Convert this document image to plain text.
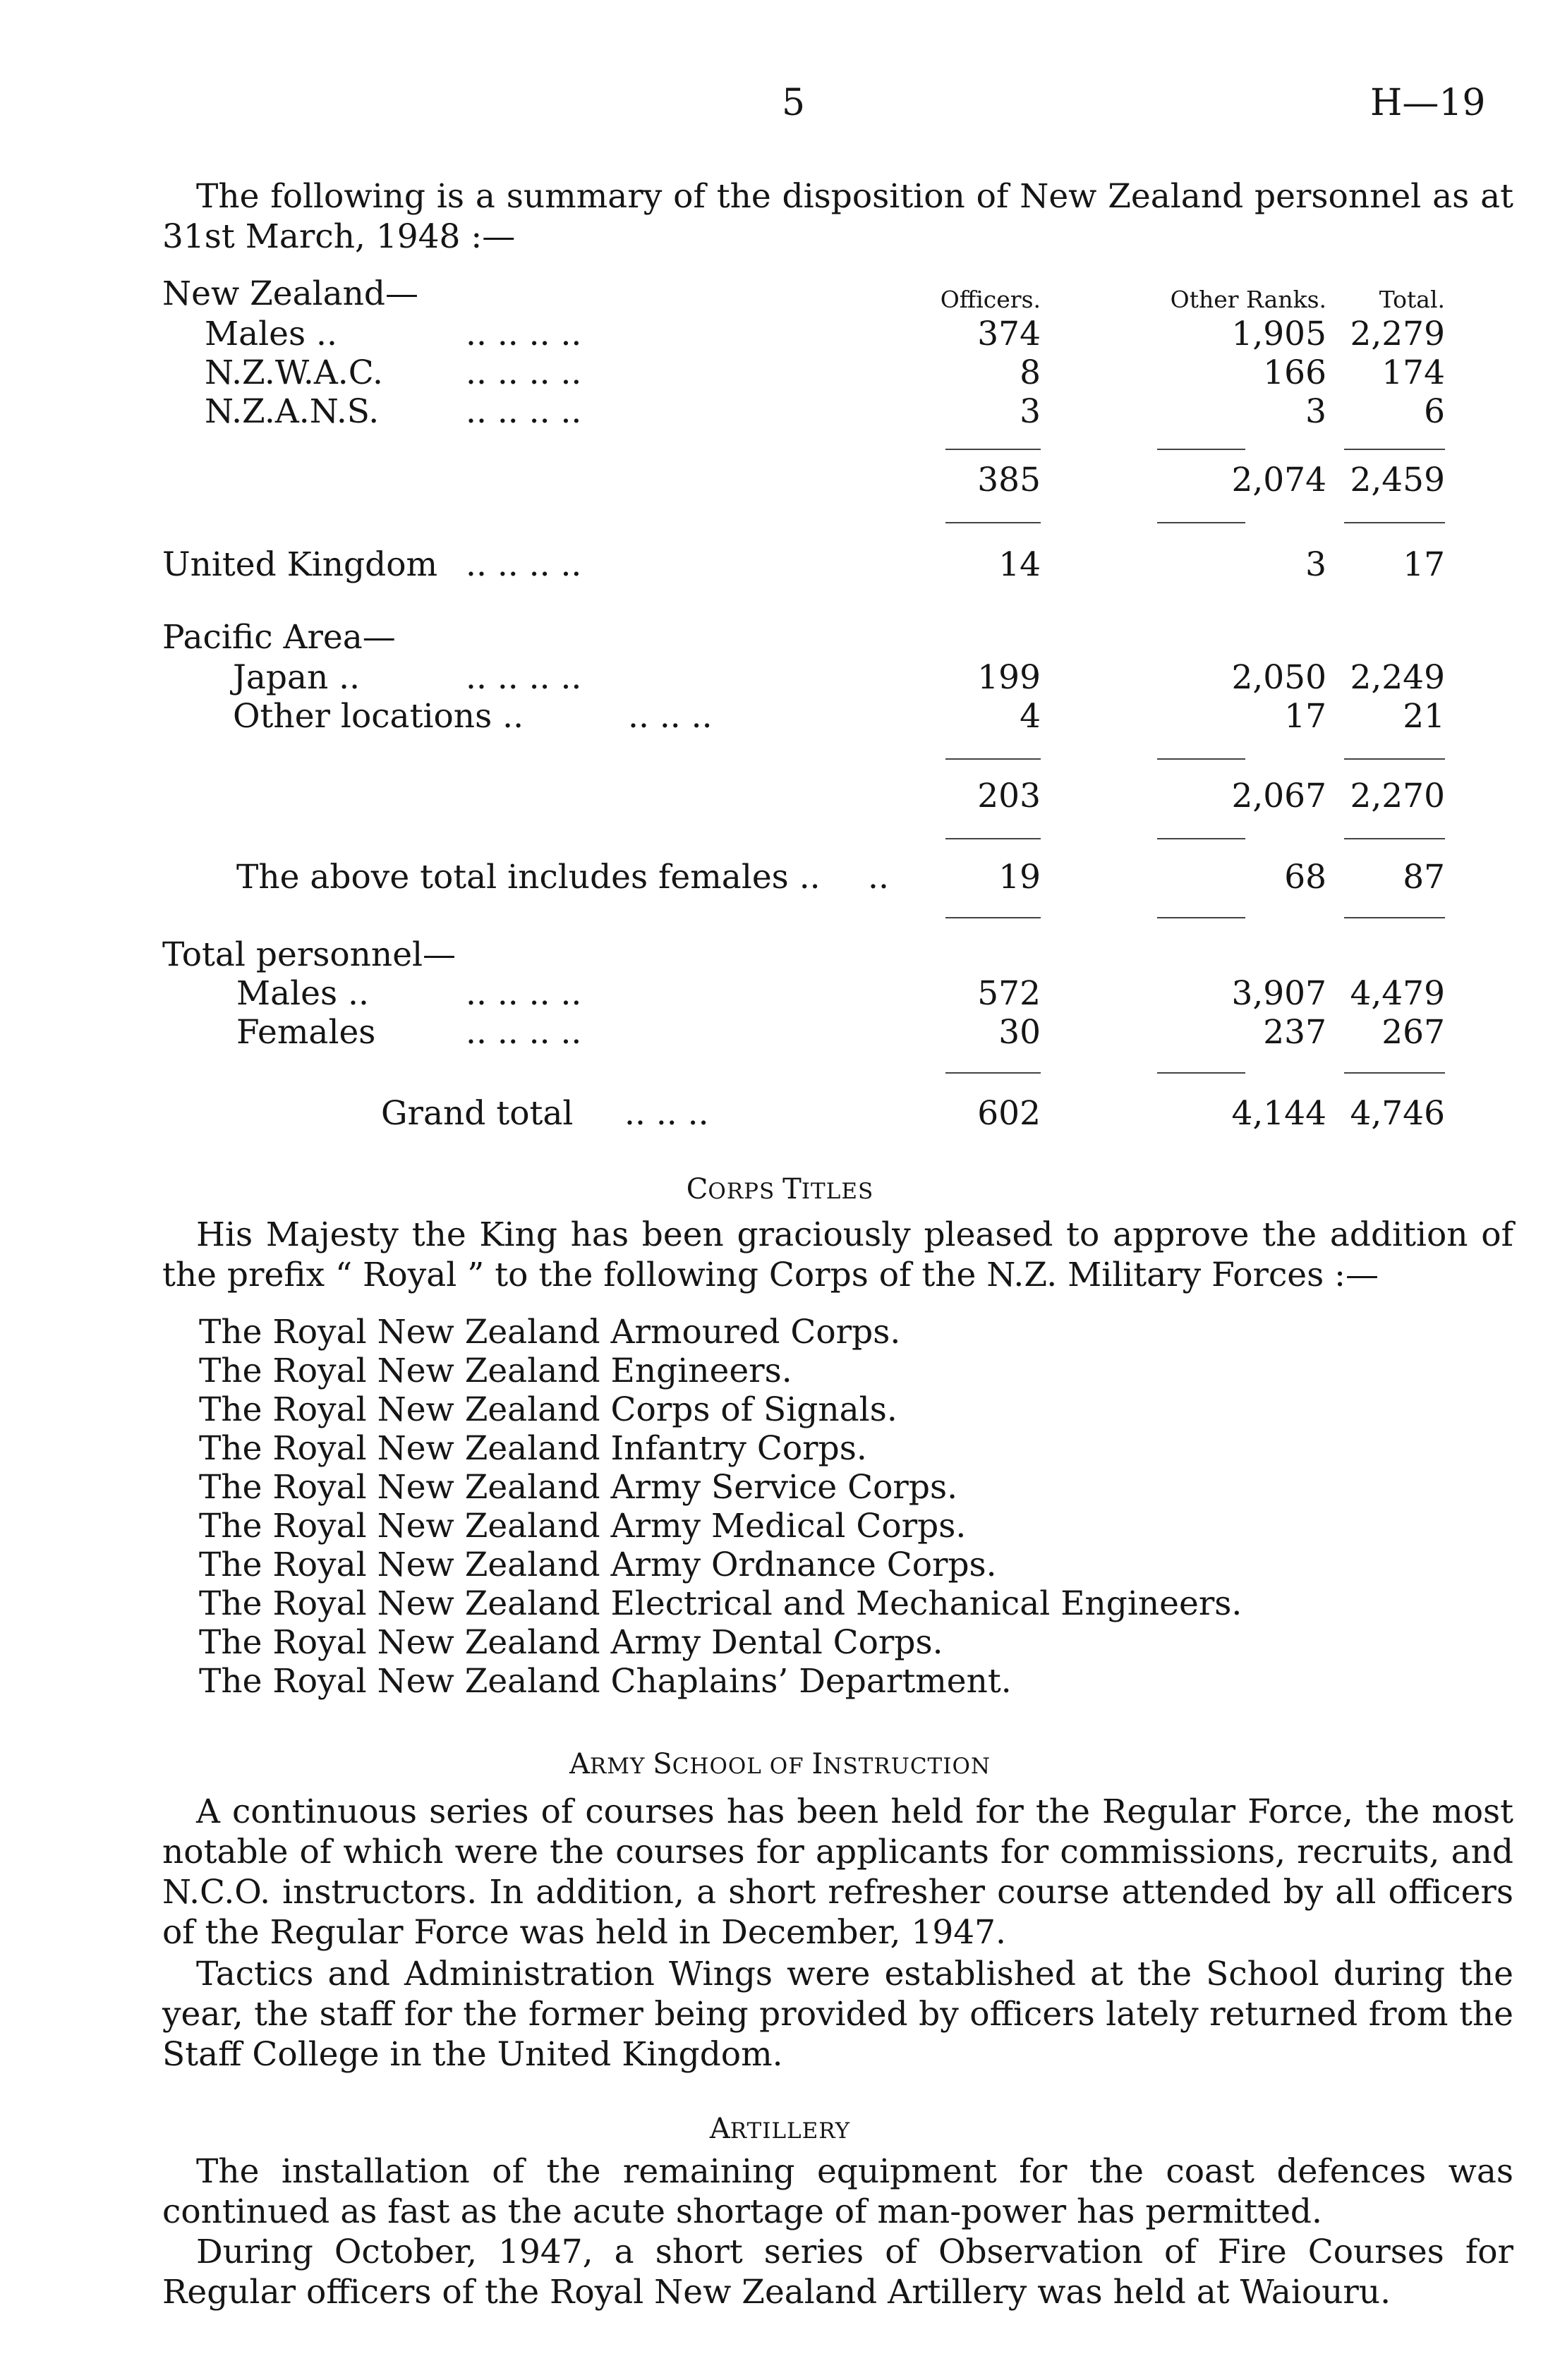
5	H—19
The following is a summary of the disposition of New Zealand personnel as at 31st March, 1948 :—
Officers.	Other Ranks.	Total.
New Zealand—
Males ..	.. .. .. ..	374	1,905 2,279
N.Z.W.A.C. .. .. .. ..	8	166	174
N.Z.A.N.S.	.. .. .. ..	3	3	6
385	2,074 2,459
United Kingdom .. .. .. ..	14	3	17
Pacific Area—
Japan ..	.. .. .. ..	199	2,050 2,249
Other locations ..	.. .. ..	4	17	21
203	2,067 2,270
The above total includes females .. ..	19	68	87
Total personnel—
Males ..	.. .. .. ..	572	3,907 4,479
Females	.. .. .. ..	30	237	267
Grand total .. .. ..	602	4,144 4,746
CORPS TITLES
His Majesty the King has been graciously pleased to approve the addition of the prefix “ Royal ” to the following Corps of the N.Z. Military Forces :—
The Royal New Zealand Armoured Corps.
The Royal New Zealand Engineers.
The Royal New Zealand Corps of Signals.
The Royal New Zealand Infantry Corps.
The Royal New Zealand Army Service Corps.
The Royal New Zealand Army Medical Corps.
The Royal New Zealand Army Ordnance Corps.
The Royal New Zealand Electrical and Mechanical Engineers.
The Royal New Zealand Army Dental Corps.
The Royal New Zealand Chaplains’ Department.
ARMY SCHOOL OF INSTRUCTION
A continuous series of courses has been held for the Regular Force, the most notable of which were the courses for applicants for commissions, recruits, and N.C.O. instructors. In addition, a short refresher course attended by all officers of the Regular Force was held in December, 1947.
Tactics and Administration Wings were established at the School during the year, the staff for the former being provided by officers lately returned from the Staff College in the United Kingdom.
ARTILLERY
The installation of the remaining equipment for the coast defences was continued as fast as the acute shortage of man-power has permitted.
During October, 1947, a short series of Observation of Fire Courses for Regular officers of the Royal New Zealand Artillery was held at Waiouru.
